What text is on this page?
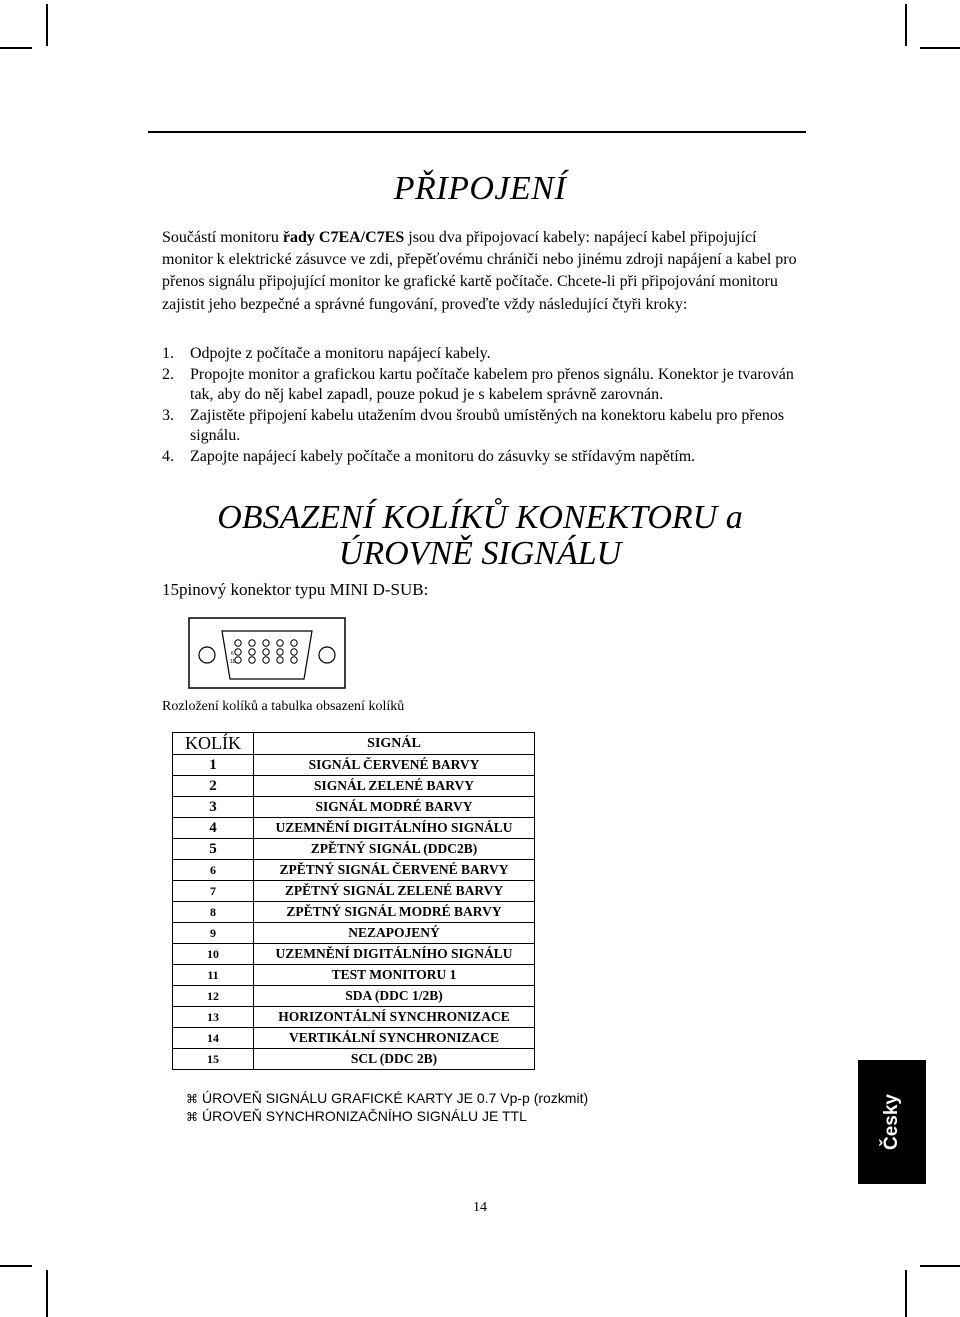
PŘIPOJENÍ
Součástí monitoru řady C7EA/C7ES jsou dva připojovací kabely: napájecí kabel připojující monitor k elektrické zásuvce ve zdi, přepěťovému chrániči nebo jinému zdroji napájení a kabel pro přenos signálu připojující monitor ke grafické kartě počítače. Chcete-li při připojování monitoru zajistit jeho bezpečné a správné fungování, proveďte vždy následující čtyři kroky:
1.	Odpojte z počítače a monitoru napájecí kabely.
2.	Propojte monitor a grafickou kartu počítače kabelem pro přenos signálu. Konektor je tvarován tak, aby do něj kabel zapadl, pouze pokud je s kabelem správně zarovnán.
3.	Zajistěte připojení kabelu utažením dvou šroubů umístěných na konektoru kabelu pro přenos signálu.
4.	Zapojte napájecí kabely počítače a monitoru do zásuvky se střídavým napětím.
OBSAZENÍ KOLÍKŮ KONEKTORU a
ÚROVNĚ SIGNÁLU
15pinový konektor typu MINI D-SUB:
6
11
Rozložení kolíků a tabulka obsazení kolíků
KOLÍK	SIGNÁL
1	SIGNÁL ČERVENÉ BARVY
2	SIGNÁL ZELENÉ BARVY
3	SIGNÁL MODRÉ BARVY
4	UZEMNĚNÍ DIGITÁLNÍHO SIGNÁLU
5	ZPĚTNÝ SIGNÁL (DDC2B)
6	ZPĚTNÝ SIGNÁL ČERVENÉ BARVY
7	ZPĚTNÝ SIGNÁL ZELENÉ BARVY
8	ZPĚTNÝ SIGNÁL MODRÉ BARVY
9	NEZAPOJENÝ
10	UZEMNĚNÍ DIGITÁLNÍHO SIGNÁLU
11	TEST MONITORU 1
12	SDA (DDC 1/2B)
13	HORIZONTÁLNÍ SYNCHRONIZACE
14	VERTIKÁLNÍ SYNCHRONIZACE
15	SCL (DDC 2B)
⌘ ÚROVEŇ SIGNÁLU GRAFICKÉ KARTY JE 0.7 Vp-p (rozkmit)
⌘ ÚROVEŇ SYNCHRONIZAČNÍHO SIGNÁLU JE TTL	Česky
14
